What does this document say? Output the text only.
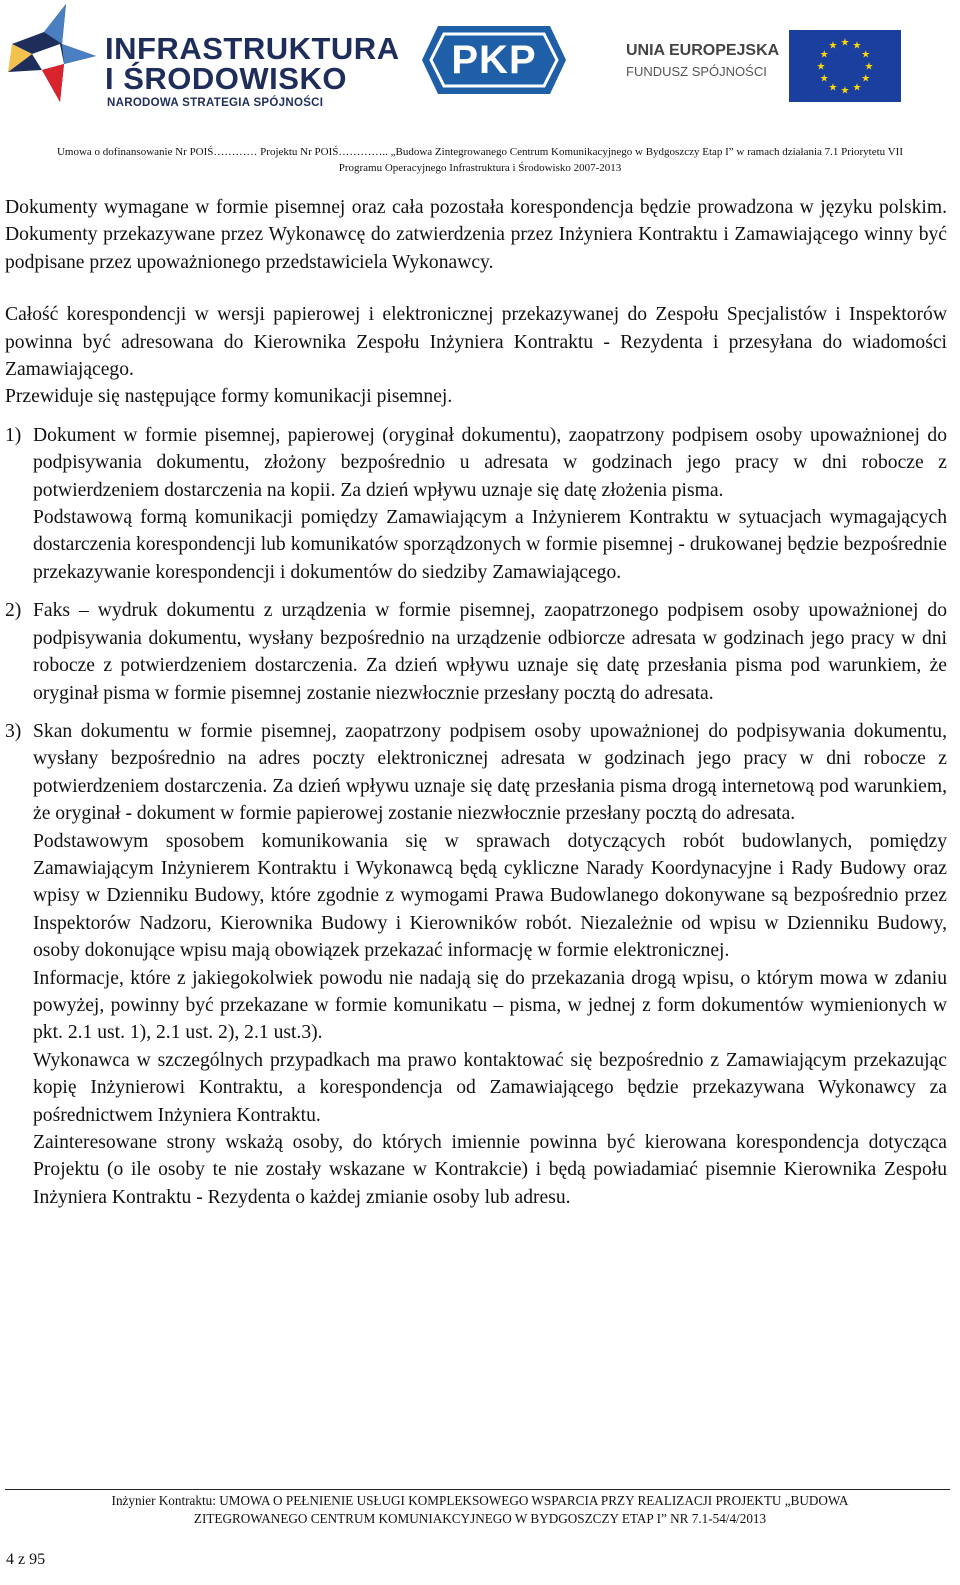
INFRASTRUKTURA
I ŚRODOWISKO
NARODOWA STRATEGIA SPÓJNOŚCI
PKP	UNIA EUROPEJSKA
FUNDUSZ SPÓJNOŚCI	★
★
★
★
★
★
★
★
★ ★ ★
★
Umowa o dofinansowanie Nr POIŚ………… Projektu Nr POIŚ………….. „Budowa Zintegrowanego Centrum Komunikacyjnego w Bydgoszczy Etap I” w ramach działania 7.1 Priorytetu VII
Programu Operacyjnego Infrastruktura i Środowisko 2007-2013

Dokumenty wymagane w formie pisemnej oraz cała pozostała korespondencja będzie prowadzona w języku polskim. Dokumenty przekazywane przez Wykonawcę do zatwierdzenia przez Inżyniera Kontraktu i Zamawiającego winny być podpisane przez upoważnionego przedstawiciela Wykonawcy.

Całość korespondencji w wersji papierowej i elektronicznej przekazywanej do Zespołu Specjalistów i Inspektorów powinna być adresowana do Kierownika Zespołu Inżyniera Kontraktu - Rezydenta i przesyłana do wiadomości Zamawiającego.

Przewiduje się następujące formy komunikacji pisemnej.

1) Dokument w formie pisemnej, papierowej (oryginał dokumentu), zaopatrzony podpisem osoby upoważnionej do podpisywania dokumentu, złożony bezpośrednio u adresata w godzinach jego pracy w dni robocze z potwierdzeniem dostarczenia na kopii. Za dzień wpływu uznaje się datę złożenia pisma.

Podstawową formą komunikacji pomiędzy Zamawiającym a Inżynierem Kontraktu w sytuacjach wymagających dostarczenia korespondencji lub komunikatów sporządzonych w formie pisemnej - drukowanej będzie bezpośrednie przekazywanie korespondencji i dokumentów do siedziby Zamawiającego.

2) Faks – wydruk dokumentu z urządzenia w formie pisemnej, zaopatrzonego podpisem osoby upoważnionej do podpisywania dokumentu, wysłany bezpośrednio na urządzenie odbiorcze adresata w godzinach jego pracy w dni robocze z potwierdzeniem dostarczenia. Za dzień wpływu uznaje się datę przesłania pisma pod warunkiem, że oryginał pisma w formie pisemnej zostanie niezwłocznie przesłany pocztą do adresata.
3) Skan dokumentu w formie pisemnej, zaopatrzony podpisem osoby upoważnionej do podpisywania dokumentu, wysłany bezpośrednio na adres poczty elektronicznej adresata w godzinach jego pracy w dni robocze z potwierdzeniem dostarczenia. Za dzień wpływu uznaje się datę przesłania pisma drogą internetową pod warunkiem, że oryginał - dokument w formie papierowej zostanie niezwłocznie przesłany pocztą do adresata.

Podstawowym sposobem komunikowania się w sprawach dotyczących robót budowlanych, pomiędzy Zamawiającym Inżynierem Kontraktu i Wykonawcą będą cykliczne Narady Koordynacyjne i Rady Budowy oraz wpisy w Dzienniku Budowy, które zgodnie z wymogami Prawa Budowlanego dokonywane są bezpośrednio przez Inspektorów Nadzoru, Kierownika Budowy i Kierowników robót. Niezależnie od wpisu w Dzienniku Budowy, osoby dokonujące wpisu mają obowiązek przekazać informację w formie elektronicznej.

Informacje, które z jakiegokolwiek powodu nie nadają się do przekazania drogą wpisu, o którym mowa w zdaniu powyżej, powinny być przekazane w formie komunikatu – pisma, w jednej z form dokumentów wymienionych w pkt. 2.1 ust. 1), 2.1 ust. 2), 2.1 ust.3).

Wykonawca w szczególnych przypadkach ma prawo kontaktować się bezpośrednio z Zamawiającym przekazując kopię Inżynierowi Kontraktu, a korespondencja od Zamawiającego będzie przekazywana Wykonawcy za pośrednictwem Inżyniera Kontraktu.

Zainteresowane strony wskażą osoby, do których imiennie powinna być kierowana korespondencja dotycząca Projektu (o ile osoby te nie zostały wskazane w Kontrakcie) i będą powiadamiać pisemnie Kierownika Zespołu Inżyniera Kontraktu - Rezydenta o każdej zmianie osoby lub adresu.

Inżynier Kontraktu: UMOWA O PEŁNIENIE USŁUGI KOMPLEKSOWEGO WSPARCIA PRZY REALIZACJI PROJEKTU „BUDOWA
ZITEGROWANEGO CENTRUM KOMUNIAKCYJNEGO W BYDGOSZCZY ETAP I” NR 7.1-54/4/2013
4 z 95
